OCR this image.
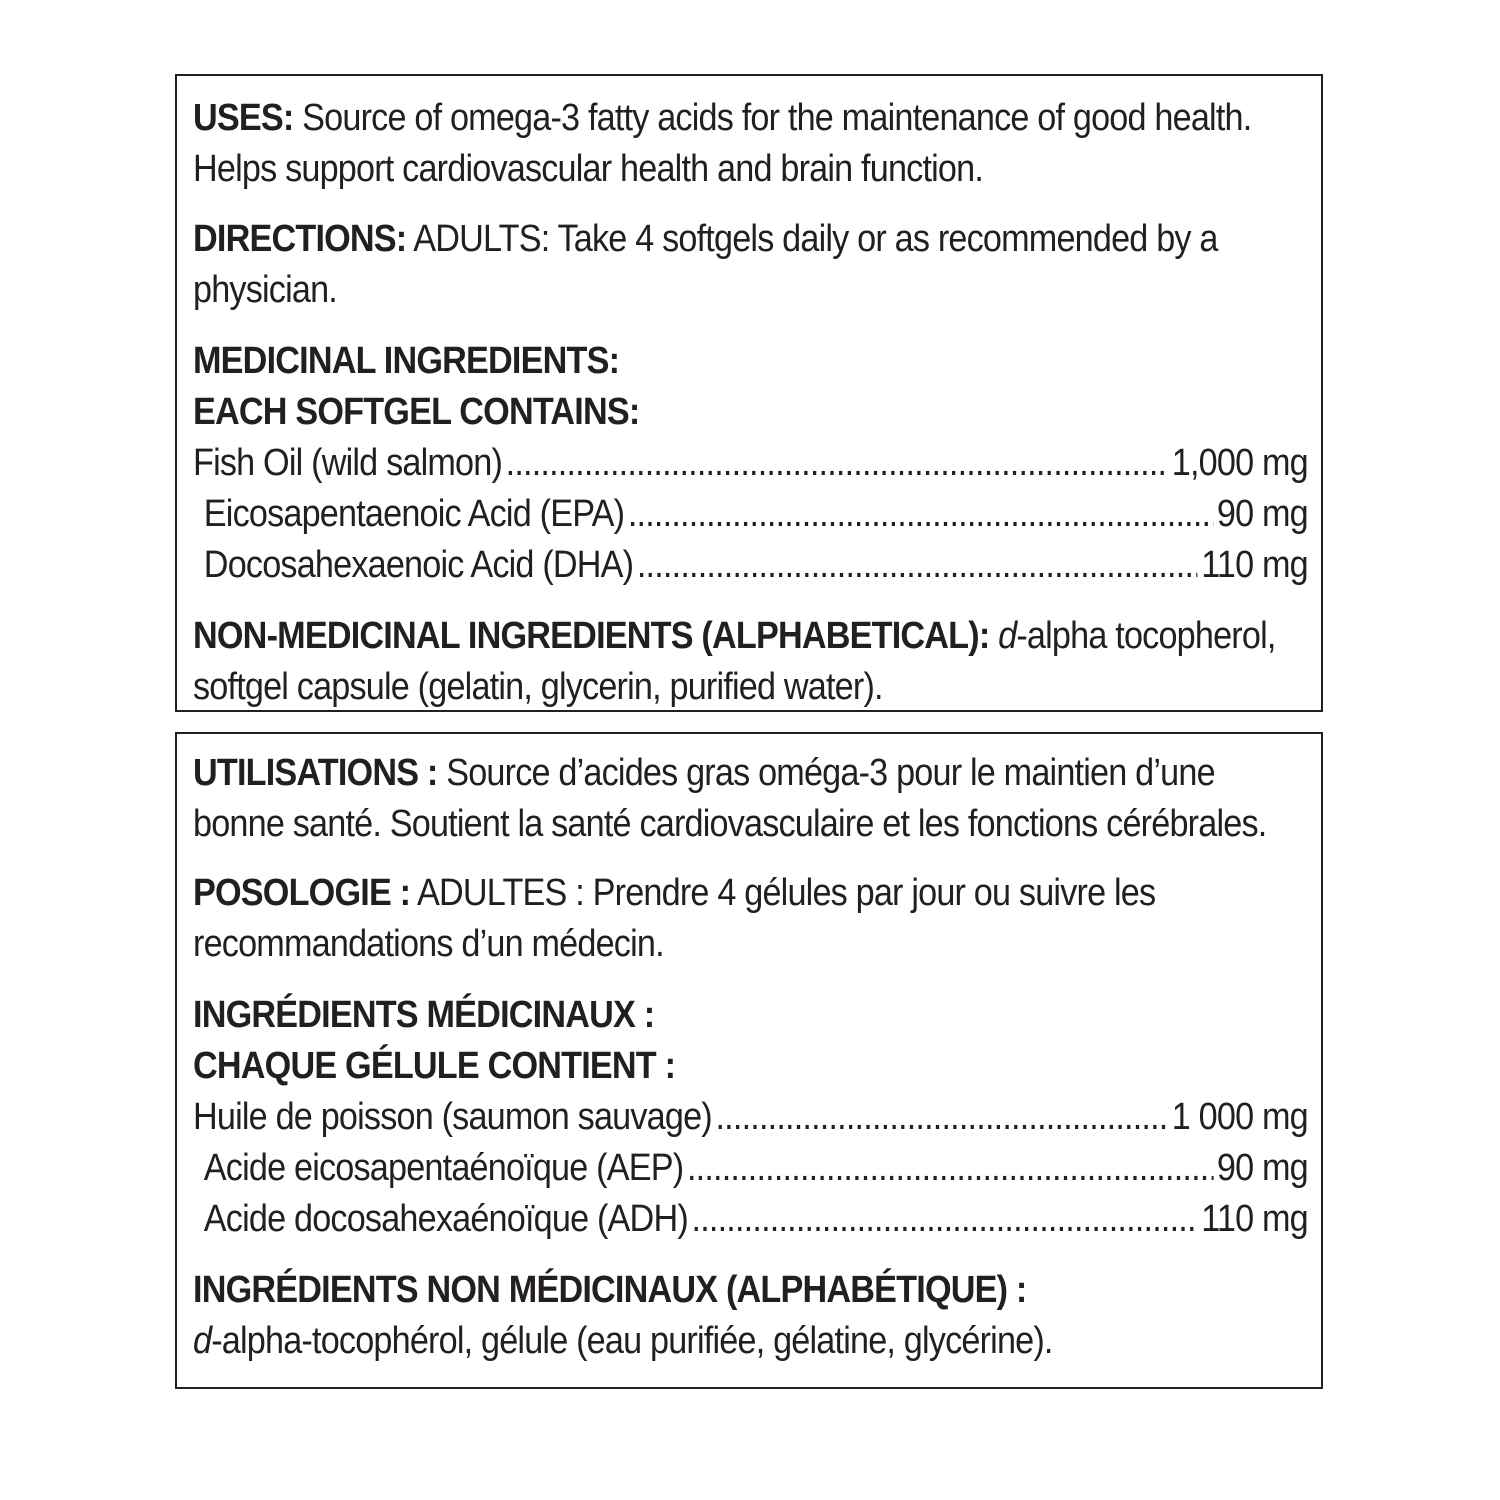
USES: Source of omega-3 fatty acids for the maintenance of good health. Helps support cardiovascular health and brain function.

DIRECTIONS: ADULTS: Take 4 softgels daily or as recommended by a physician.

MEDICINAL INGREDIENTS:
EACH SOFTGEL CONTAINS:
Fish Oil (wild salmon) .....	1,000 mg
Eicosapentaenoic Acid (EPA) .....	90 mg
Docosahexaenoic Acid (DHA) .....	110 mg

NON-MEDICINAL INGREDIENTS (ALPHABETICAL): d-alpha tocopherol, softgel capsule (gelatin, glycerin, purified water).

UTILISATIONS : Source d’acides gras oméga-3 pour le maintien d’une bonne santé. Soutient la santé cardiovasculaire et les fonctions cérébrales.

POSOLOGIE : ADULTES : Prendre 4 gélules par jour ou suivre les recommandations d’un médecin.

INGRÉDIENTS MÉDICINAUX :
CHAQUE GÉLULE CONTIENT :
Huile de poisson (saumon sauvage) .....	1 000 mg
Acide eicosapentaénoïque (AEP) .....	90 mg
Acide docosahexaénoïque (ADH) .....	110 mg
INGRÉDIENTS NON MÉDICINAUX (ALPHABÉTIQUE) :
d-alpha-tocophérol, gélule (eau purifiée, gélatine, glycérine).
